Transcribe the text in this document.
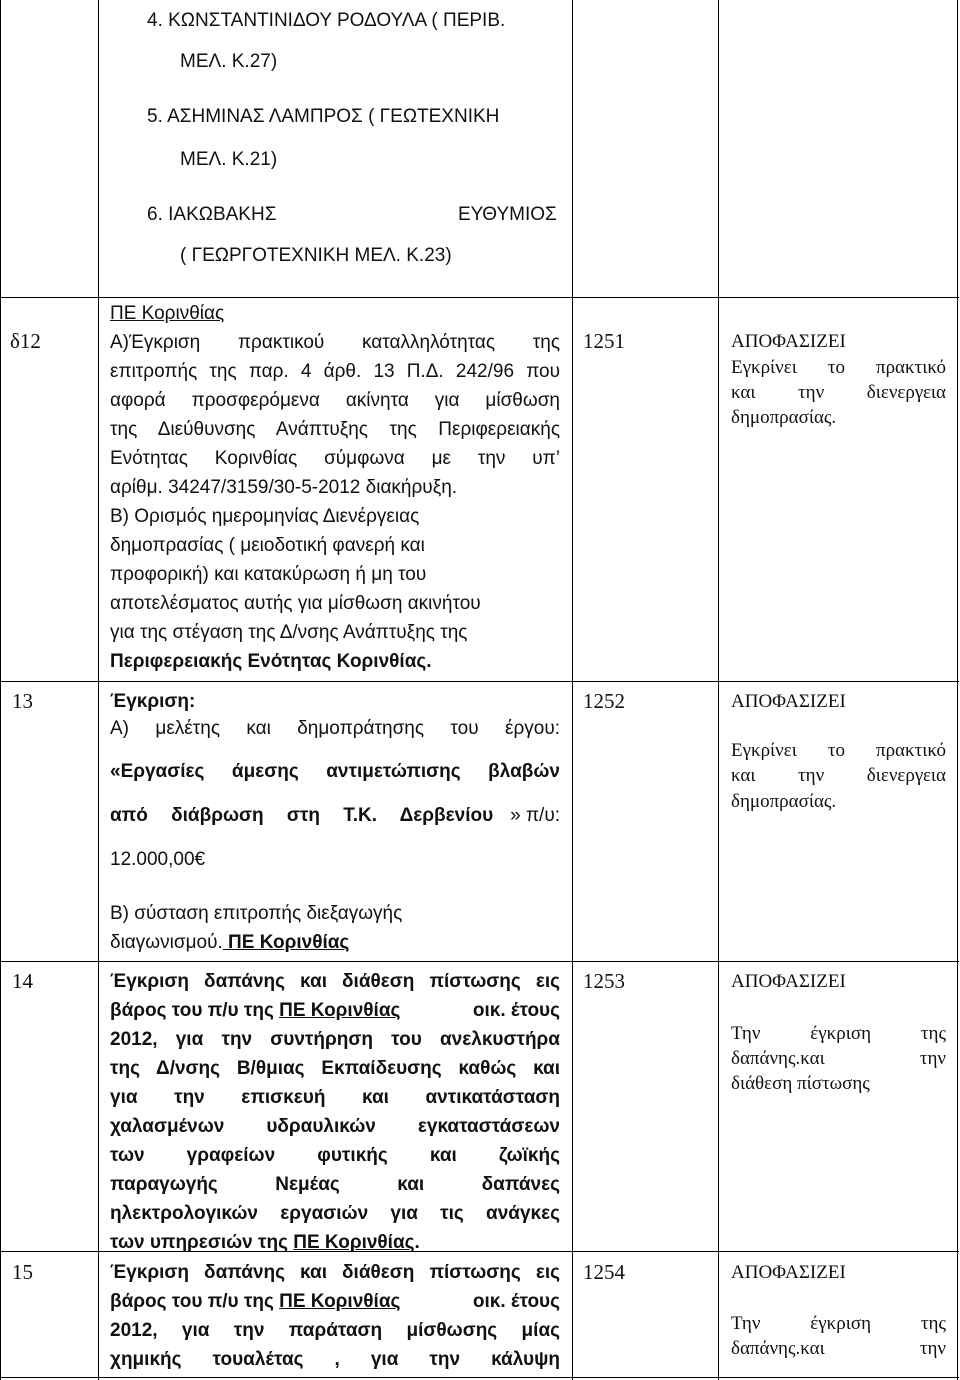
4. ΚΩΝΣΤΑΝΤΙΝΙΔΟΥ ΡΟΔΟΥΛΑ ( ΠΕΡΙΒ.
ΜΕΛ. Κ.27)
5. ΑΣΗΜΙΝΑΣ ΛΑΜΠΡΟΣ ( ΓΕΩΤΕΧΝΙΚΗ
ΜΕΛ. Κ.21)
6. ΙΑΚΩΒΑΚΗΣ	ΕΥΘΥΜΙΟΣ
( ΓΕΩΡΓΟΤΕΧΝΙΚΗ ΜΕΛ. Κ.23)
δ12
ΠΕ Κορινθίας
Α)Έγκριση πρακτικού καταλληλότητας της
επιτροπής της παρ. 4 άρθ. 13 Π.Δ. 242/96 που
αφορά προσφερόμενα ακίνητα για μίσθωση
της Διεύθυνσης Ανάπτυξης της Περιφερειακής
Ενότητας Κορινθίας σύμφωνα με την υπ’
αρίθμ. 34247/3159/30-5-2012 διακήρυξη.
Β) Ορισμός ημερομηνίας Διενέργειας
δημοπρασίας ( μειοδοτική φανερή και
προφορική) και κατακύρωση ή μη του
αποτελέσματος αυτής για μίσθωση ακινήτου
για της στέγαση της Δ/νσης Ανάπτυξης της
Περιφερειακής Ενότητας Κορινθίας.
1251	ΑΠΟΦΑΣΙΖΕΙ
Εγκρίνει το πρακτικό
και την διενεργεια
δημοπρασίας.
13	Έγκριση:
Α) μελέτης και δημοπράτησης του έργου:
«Εργασίες άμεσης αντιμετώπισης βλαβών
από διάβρωση στη Τ.Κ. Δερβενίου » π/υ:
12.000,00€
Β) σύσταση επιτροπής διεξαγωγής
διαγωνισμού. ΠΕ Κορινθίας
1252	ΑΠΟΦΑΣΙΖΕΙ
Εγκρίνει το πρακτικό
και την διενεργεια
δημοπρασίας.
14	Έγκριση δαπάνης και διάθεση πίστωσης εις
βάρος του π/υ της ΠΕ Κορινθίας	οικ. έτους
2012, για την συντήρηση του ανελκυστήρα
της Δ/νσης Β/θμιας Εκπαίδευσης καθώς και
για την επισκευή και αντικατάσταση
χαλασμένων υδραυλικών εγκαταστάσεων
των γραφείων φυτικής και ζωϊκής
παραγωγής Νεμέας και δαπάνες
ηλεκτρολογικών εργασιών για τις ανάγκες
των υπηρεσιών της ΠΕ Κορινθίας.
1253	ΑΠΟΦΑΣΙΖΕΙ
Την έγκριση της
δαπάνης.και την
διάθεση πίστωσης
15	Έγκριση δαπάνης και διάθεση πίστωσης εις
βάρος του π/υ της ΠΕ Κορινθίας	οικ. έτους
2012, για την παράταση μίσθωσης μίας
χημικής τουαλέτας , για την κάλυψη
1254	ΑΠΟΦΑΣΙΖΕΙ
Την έγκριση της
δαπάνης.και την
